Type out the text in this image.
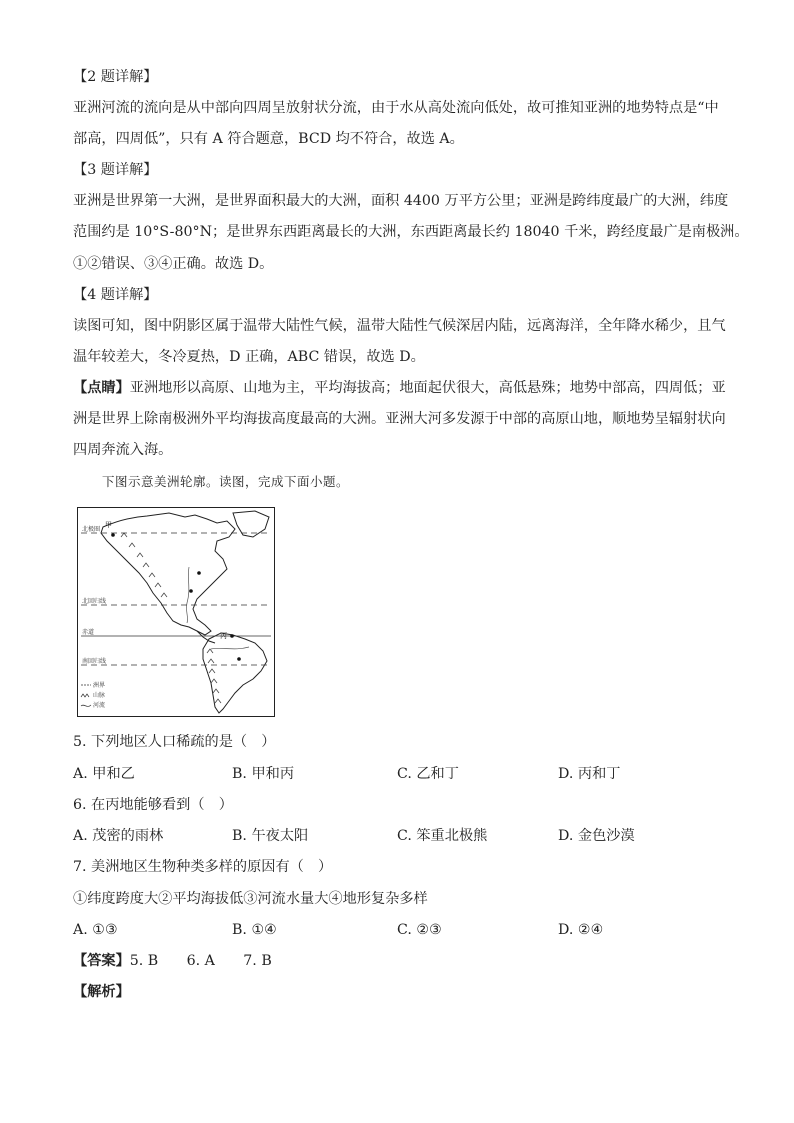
【2 题详解】
亚洲河流的流向是从中部向四周呈放射状分流，由于水从高处流向低处，故可推知亚洲的地势特点是“中
部高，四周低”，只有 A 符合题意，BCD 均不符合，故选 A。
【3 题详解】
亚洲是世界第一大洲，是世界面积最大的大洲，面积 4400 万平方公里；亚洲是跨纬度最广的大洲，纬度
范围约是 10°S-80°N；是世界东西距离最长的大洲，东西距离最长约 18040 千米，跨经度最广是南极洲。
①②错误、③④正确。故选 D。
【4 题详解】
读图可知，图中阴影区属于温带大陆性气候，温带大陆性气候深居内陆，远离海洋，全年降水稀少，且气
温年较差大，冬冷夏热，D 正确，ABC 错误，故选 D。
【点睛】亚洲地形以高原、山地为主，平均海拔高；地面起伏很大，高低悬殊；地势中部高，四周低；亚
洲是世界上除南极洲外平均海拔高度最高的大洲。亚洲大河多发源于中部的高原山地，顺地势呈辐射状向
四周奔流入海。
下图示意美洲轮廓。读图，完成下面小题。
北极圈
北回归线
赤道
南回归线
甲
丙
洲界
山脉
河流
5. 下列地区人口稀疏的是（　）
A. 甲和乙	B. 甲和丙	C. 乙和丁	D. 丙和丁
6. 在丙地能够看到（　）
A. 茂密的雨林	B. 午夜太阳	C. 笨重北极熊	D. 金色沙漠
7. 美洲地区生物种类多样的原因有（　）
①纬度跨度大②平均海拔低③河流水量大④地形复杂多样
A. ①③	B. ①④	C. ②③	D. ②④
【答案】5. B　　6. A　　7. B
【解析】
